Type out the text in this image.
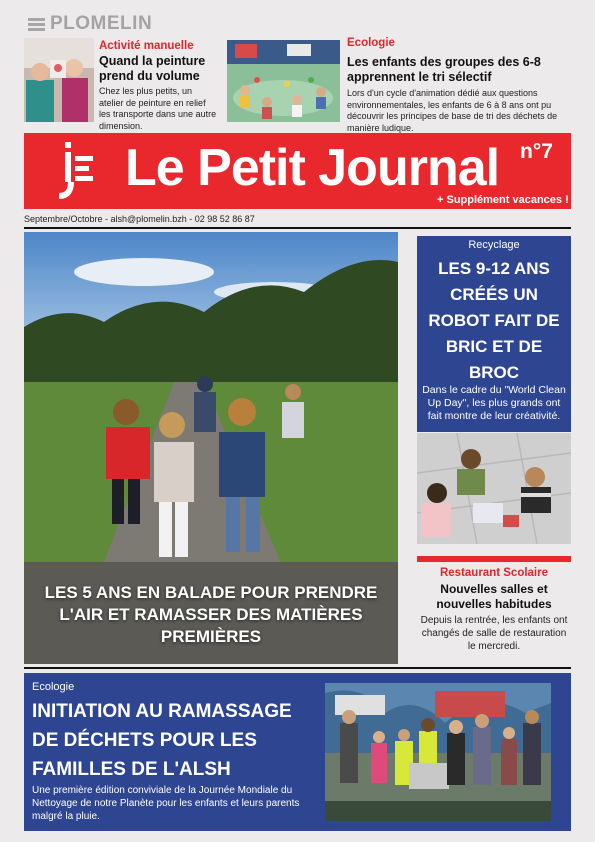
PLOMELIN
Activité manuelle
Quand la peinture prend du volume
Chez les plus petits, un atelier de peinture en relief les transporte dans une autre dimension.
Ecologie
Les enfants des groupes des 6-8 apprennent le tri sélectif
Lors d'un cycle d'animation dédié aux questions environnementales, les enfants de 6 à 8 ans ont pu découvrir les principes de base de tri des déchets de manière ludique.
Le Petit Journal n°7
+ Supplément vacances !
Septembre/Octobre - alsh@plomelin.bzh - 02 98 52 86 87
LES 5 ANS EN BALADE POUR PRENDRE L'AIR ET RAMASSER DES MATIÈRES PREMIÈRES
Recyclage
LES 9-12 ANS CRÉÉS UN ROBOT FAIT DE BRIC ET DE BROC
Dans le cadre du "World Clean Up Day", les plus grands ont fait montre de leur créativité.
Restaurant Scolaire
Nouvelles salles et nouvelles habitudes
Depuis la rentrée, les enfants ont changés de salle de restauration le mercredi.
Ecologie
INITIATION AU RAMASSAGE DE DÉCHETS POUR LES FAMILLES DE L'ALSH
Une première édition conviviale de la Journée Mondiale du Nettoyage de notre Planète pour les enfants et leurs parents malgré la pluie.
